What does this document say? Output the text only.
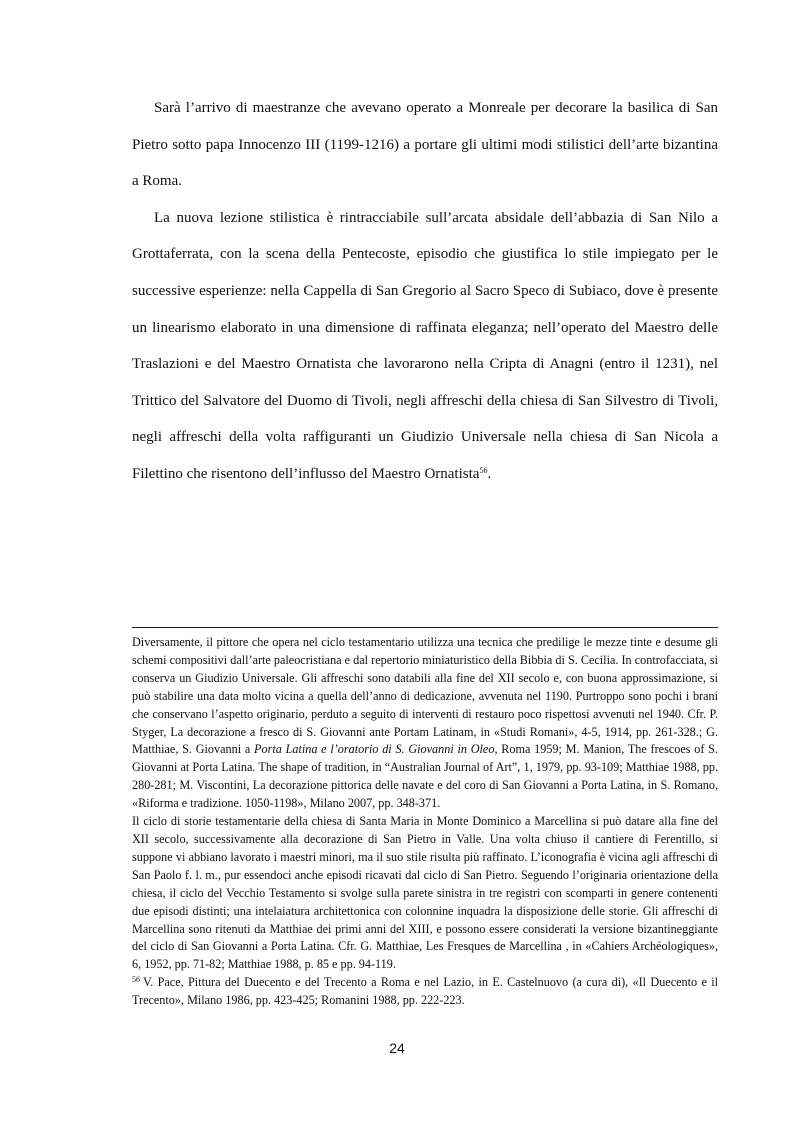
Sarà l’arrivo di maestranze che avevano operato a Monreale per decorare la basilica di San Pietro sotto papa Innocenzo III (1199-1216) a portare gli ultimi modi stilistici dell’arte bizantina a Roma.

La nuova lezione stilistica è rintracciabile sull’arcata absidale dell’abbazia di San Nilo a Grottaferrata, con la scena della Pentecoste, episodio che giustifica lo stile impiegato per le successive esperienze: nella Cappella di San Gregorio al Sacro Speco di Subiaco, dove è presente un linearismo elaborato in una dimensione di raffinata eleganza; nell’operato del Maestro delle Traslazioni e del Maestro Ornatista che lavorarono nella Cripta di Anagni (entro il 1231), nel Trittico del Salvatore del Duomo di Tivoli, negli affreschi della chiesa di San Silvestro di Tivoli, negli affreschi della volta raffiguranti un Giudizio Universale nella chiesa di San Nicola a Filettino che risentono dell’influsso del Maestro Ornatista$^{56}$.

Diversamente, il pittore che opera nel ciclo testamentario utilizza una tecnica che predilige le mezze tinte e desume gli schemi compositivi dall’arte paleocristiana e dal repertorio miniaturistico della Bibbia di S. Cecilia. In controfacciata, si conserva un Giudizio Universale. Gli affreschi sono databili alla fine del XII secolo e, con buona approssimazione, si può stabilire una data molto vicina a quella dell’anno di dedicazione, avvenuta nel 1190. Purtroppo sono pochi i brani che conservano l’aspetto originario, perduto a seguito di interventi di restauro poco rispettosi avvenuti nel 1940. Cfr. P. Styger, La decorazione a fresco di S. Giovanni ante Portam Latinam, in «Studi Romani», 4-5, 1914, pp. 261-328.; G. Matthiae, S. Giovanni a Porta Latina e l’oratorio di S. Giovanni in Oleo, Roma 1959; M. Manion, The frescoes of S. Giovanni at Porta Latina. The shape of tradition, in “Australian Journal of Art”, 1, 1979, pp. 93-109; Matthiae 1988, pp. 280-281; M. Viscontini, La decorazione pittorica delle navate e del coro di San Giovanni a Porta Latina, in S. Romano, «Riforma e tradizione. 1050-1198», Milano 2007, pp. 348-371.

Il ciclo di storie testamentarie della chiesa di Santa Maria in Monte Dominico a Marcellina si può datare alla fine del XII secolo, successivamente alla decorazione di San Pietro in Valle. Una volta chiuso il cantiere di Ferentillo, si suppone vi abbiano lavorato i maestri minori, ma il suo stile risulta più raffinato. L’iconografia è vicina agli affreschi di San Paolo f. l. m., pur essendoci anche episodi ricavati dal ciclo di San Pietro. Seguendo l’originaria orientazione della chiesa, il ciclo del Vecchio Testamento si svolge sulla parete sinistra in tre registri con scomparti in genere contenenti due episodi distinti; una intelaiatura architettonica con colonnine inquadra la disposizione delle storie. Gli affreschi di Marcellina sono ritenuti da Matthiae dei primi anni del XIII, e possono essere considerati la versione bizantineggiante del ciclo di San Giovanni a Porta Latina. Cfr. G. Matthiae, Les Fresques de Marcellina , in «Cahiers Archéologiques», 6, 1952, pp. 71-82; Matthiae 1988, p. 85 e pp. 94-119.

$^{56}$ V. Pace, Pittura del Duecento e del Trecento a Roma e nel Lazio, in E. Castelnuovo (a cura di), «Il Duecento e il Trecento», Milano 1986, pp. 423-425; Romanini 1988, pp. 222-223.

24
